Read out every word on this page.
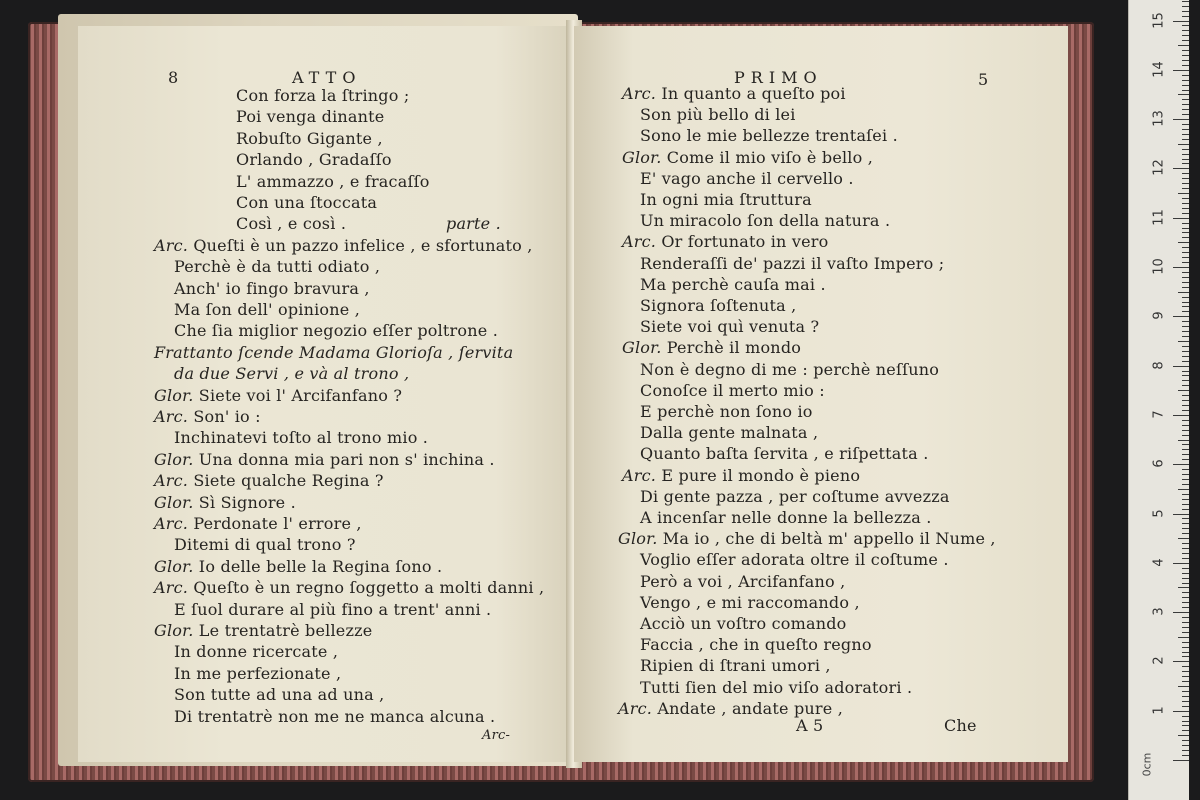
8	ATTO
Con forza la ſtringo ;
Poi venga dinante
Robuſto Gigante ,
Orlando , Gradaſſo
L' ammazzo , e fracaſſo
Con una ſtoccata
Così , e così .	parte .
Arc. Queſti è un pazzo infelice , e sfortunato ,
Perchè è da tutti odiato ,
Anch' io fingo bravura ,
Ma ſon dell' opinione ,
Che ſia miglior negozio eſſer poltrone .
Frattanto ſcende Madama Glorioſa , ſervita
da due Servi , e và al trono ,
Glor. Siete voi l' Arcifanfano ?
Arc. Son' io :
Inchinatevi toſto al trono mio .
Glor. Una donna mia pari non s' inchina .
Arc. Siete qualche Regina ?
Glor. Sì Signore .
Arc. Perdonate l' errore ,
Ditemi di qual trono ?
Glor. Io delle belle la Regina ſono .
Arc. Queſto è un regno ſoggetto a molti danni ,
E ſuol durare al più fino a trent' anni .
Glor. Le trentatrè bellezze
In donne ricercate ,
In me perfezionate ,
Son tutte ad una ad una ,
Di trentatrè non me ne manca alcuna .
Arc-
PRIMO	5
Arc. In quanto a queſto poi
Son più bello di lei
Sono le mie bellezze trentaſei .
Glor. Come il mio viſo è bello ,
E' vago anche il cervello .
In ogni mia ſtruttura
Un miracolo ſon della natura .
Arc. Or fortunato in vero
Renderaſſi de' pazzi il vaſto Impero ;
Ma perchè cauſa mai .
Signora ſoſtenuta ,
Siete voi quì venuta ?
Glor. Perchè il mondo
Non è degno di me : perchè neſſuno
Conoſce il merto mio :
E perchè non ſono io
Dalla gente malnata ,
Quanto baſta ſervita , e riſpettata .
Arc. E pure il mondo è pieno
Di gente pazza , per coſtume avvezza
A incenſar nelle donne la bellezza .
Glor. Ma io , che di beltà m' appello il Nume ,
Voglio eſſer adorata oltre il coſtume .
Però a voi , Arcifanfano ,
Vengo , e mi raccomando ,
Acciò un voſtro comando
Faccia , che in queſto regno
Ripien di ſtrani umori ,
Tutti ſien del mio viſo adoratori .
Arc. Andate , andate pure ,
A 5	Che
0cm
1
2
3
4
5
6
7
8
9
10
11
12
13
14
15
